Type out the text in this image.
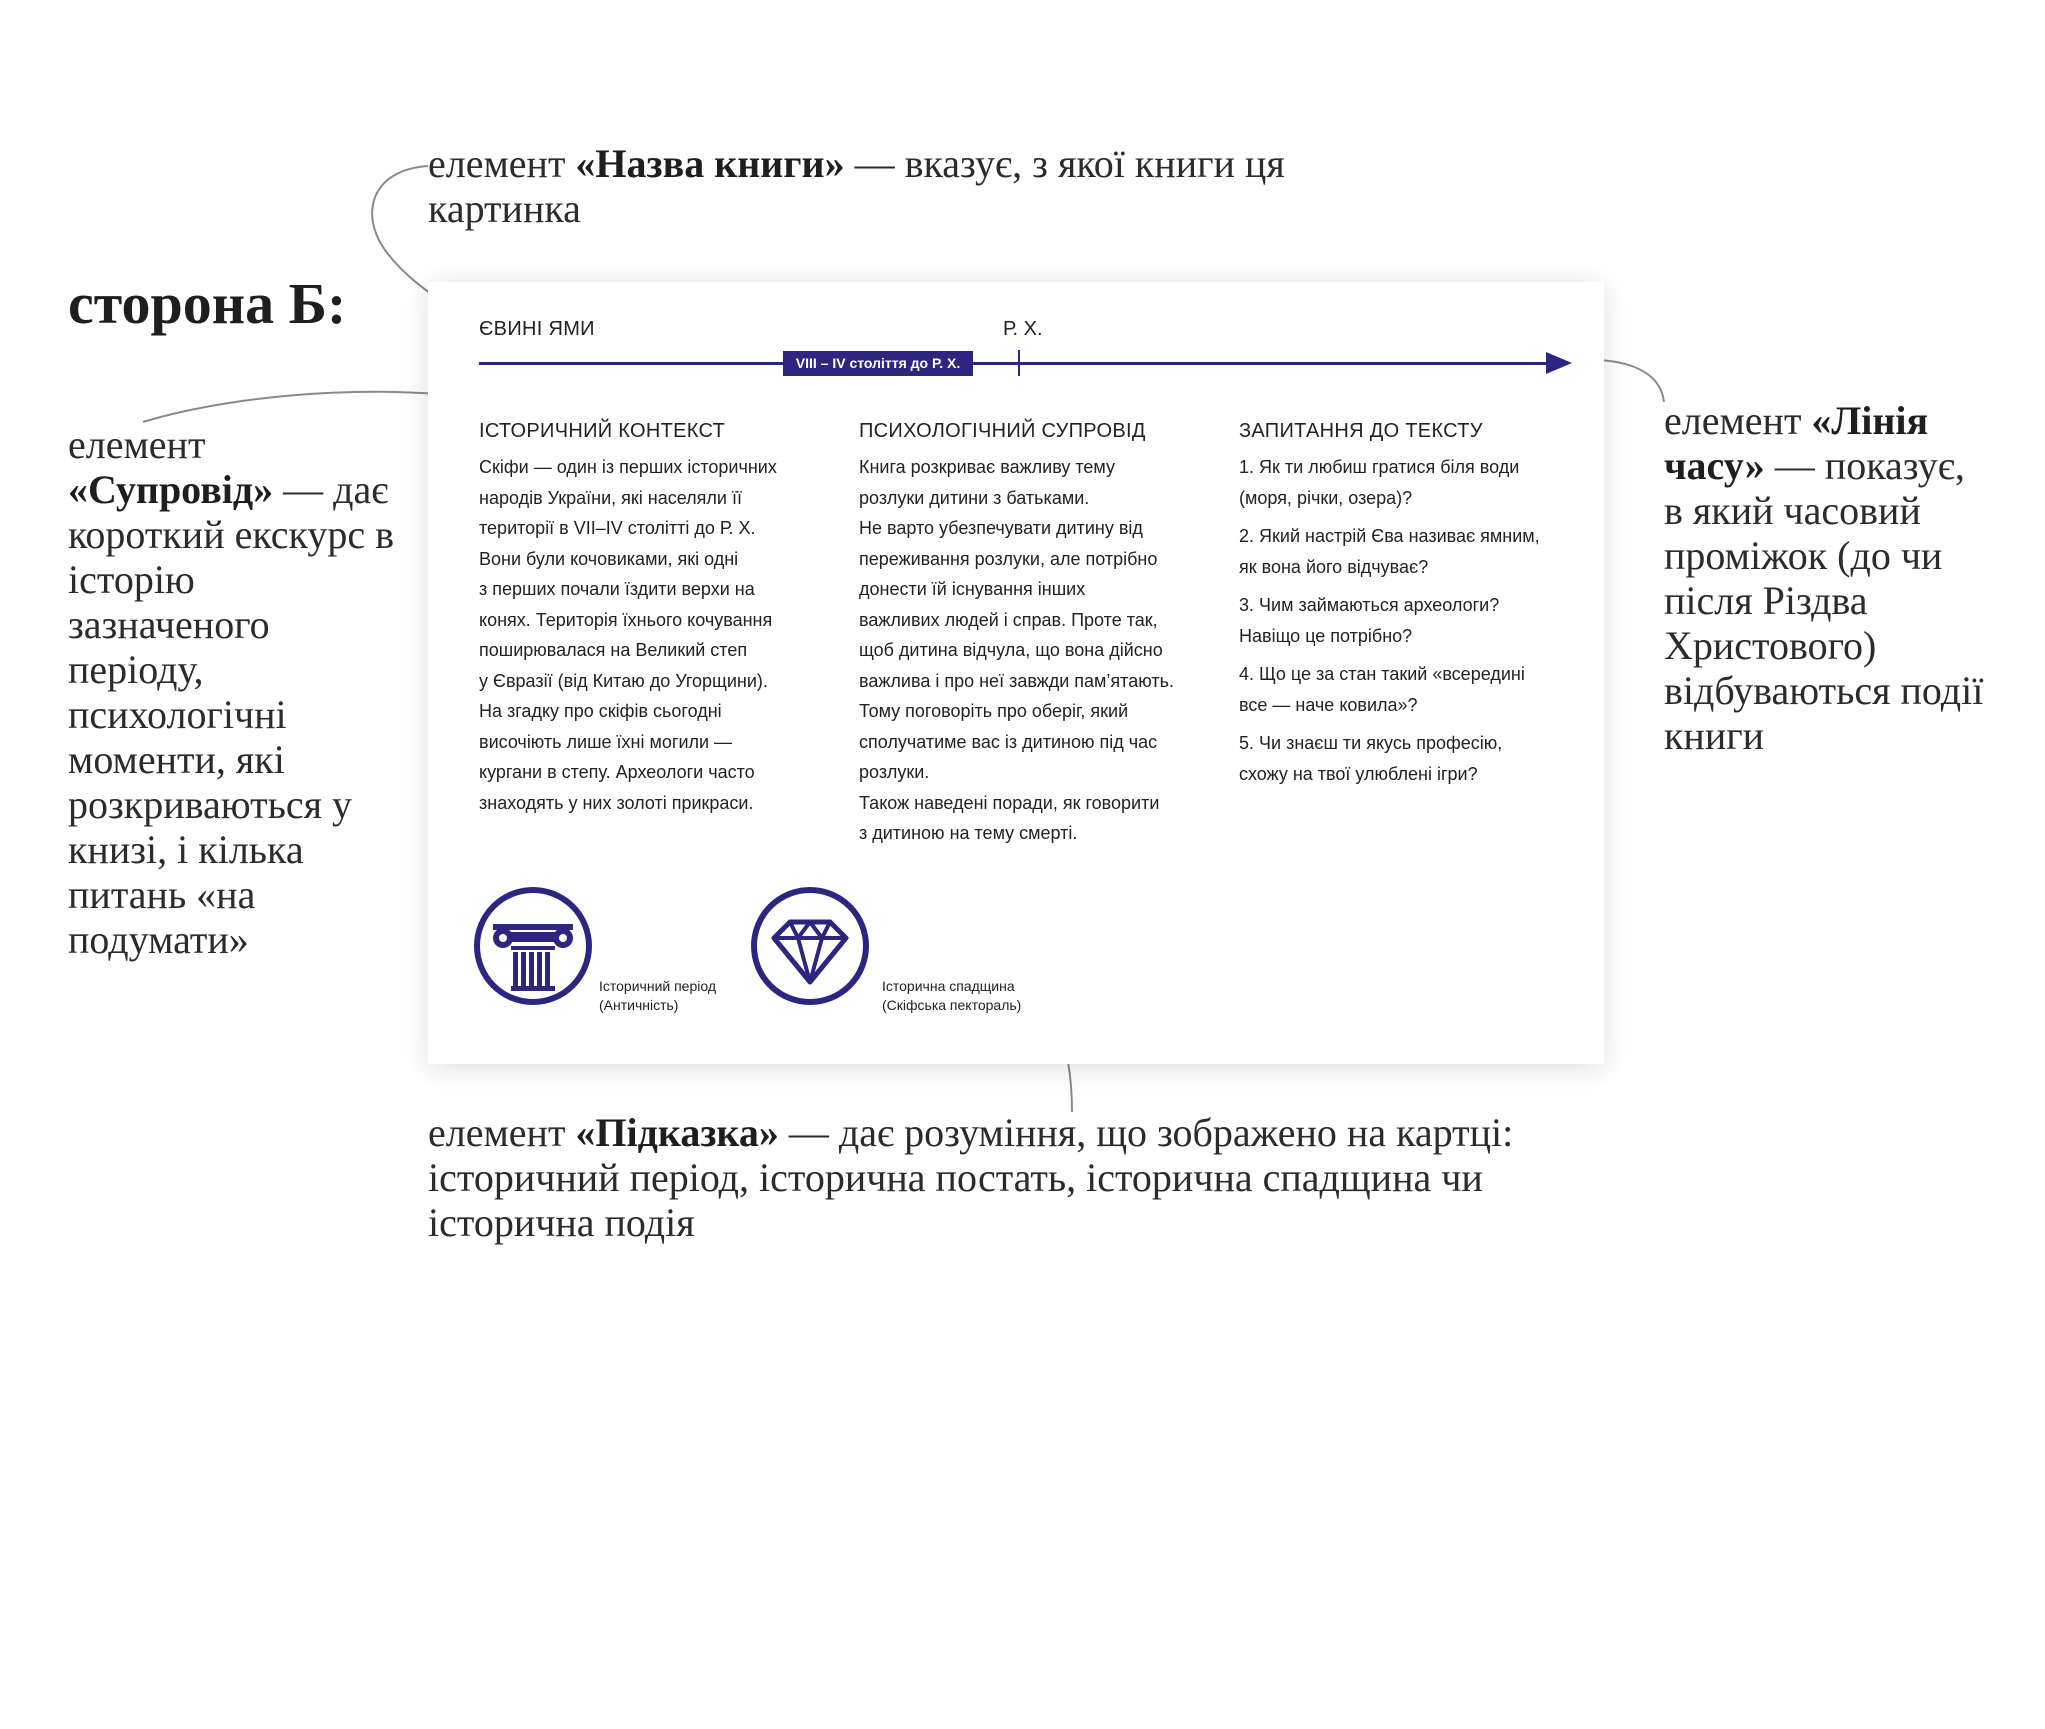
сторона Б:
елемент «Назва книги» — вказує, з якої книги ця картинка
елемент «Супровід» — дає короткий екскурс в історію зазначеного періоду, психологічні моменти, які розкриваються у книзі, і кілька питань «на подумати»
елемент «Лінія часу» — показує, в який часовий проміжок (до чи після Різдва Христового) відбуваються події книги
елемент «Підказка» — дає розуміння, що зображено на картці: історичний період, історична постать, історична спадщина чи історична подія
ЄВИНІ ЯМИ	Р. Х.
VIII – IV століття до Р. Х.
ІСТОРИЧНИЙ КОНТЕКСТ

Скіфи — один із перших історичних
народів України, які населяли її
території в VII–IV столітті до Р. Х.
Вони були кочовиками, які одні
з перших почали їздити верхи на
конях. Територія їхнього кочування
поширювалася на Великий степ
у Євразії (від Китаю до Угорщини).
На згадку про скіфів сьогодні
височіють лише їхні могили —
кургани в степу. Археологи часто
знаходять у них золоті прикраси.

ПСИХОЛОГІЧНИЙ СУПРОВІД

Книга розкриває важливу тему
розлуки дитини з батьками.
Не варто убезпечувати дитину від
переживання розлуки, але потрібно
донести їй існування інших
важливих людей і справ. Проте так,
щоб дитина відчула, що вона дійсно
важлива і про неї завжди пам’ятають.
Тому поговоріть про оберіг, який
сполучатиме вас із дитиною під час
розлуки.
Також наведені поради, як говорити
з дитиною на тему смерті.

ЗАПИТАННЯ ДО ТЕКСТУ

1. Як ти любиш гратися біля води
(моря, річки, озера)?

2. Який настрій Єва називає ямним,
як вона його відчуває?

3. Чим займаються археологи?
Навіщо це потрібно?

4. Що це за стан такий «всередині
все — наче ковила»?

5. Чи знаєш ти якусь професію,
схожу на твої улюблені ігри?

Історичний період
(Античність)
Історична спадщина
(Скіфська пектораль)
